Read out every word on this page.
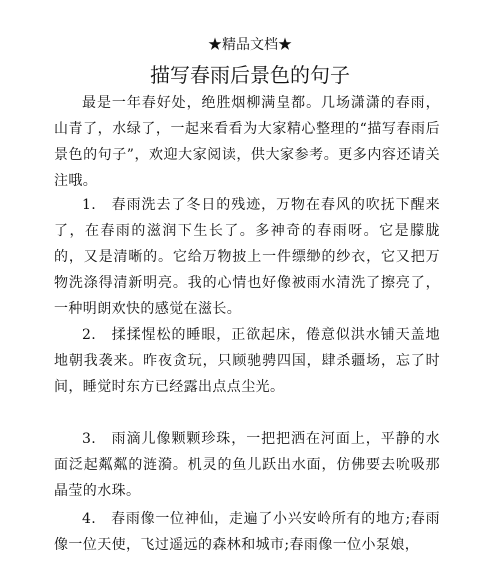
★精品文档★
描写春雨后景色的句子
最是一年春好处，绝胜烟柳满皇都。几场潇潇的春雨，山青了，水绿了，一起来看看为大家精心整理的“描写春雨后景色的句子”，欢迎大家阅读，供大家参考。更多内容还请关注哦。
1.　春雨洗去了冬日的残迹，万物在春风的吹抚下醒来了，在春雨的滋润下生长了。多神奇的春雨呀。它是朦胧的，又是清晰的。它给万物披上一件缥缈的纱衣，它又把万物洗涤得清新明亮。我的心情也好像被雨水清洗了擦亮了，一种明朗欢快的感觉在滋长。
2.　揉揉惺松的睡眼，正欲起床，倦意似洪水铺天盖地地朝我袭来。昨夜贪玩，只顾驰骋四国，肆杀疆场，忘了时间，睡觉时东方已经露出点点尘光。
3.　雨滴儿像颗颗珍珠，一把把洒在河面上，平静的水面泛起粼粼的涟漪。机灵的鱼儿跃出水面，仿佛要去吮吸那晶莹的水珠。
4.　春雨像一位神仙，走遍了小兴安岭所有的地方;春雨像一位天使，飞过遥远的森林和城市;春雨像一位小泵娘，
